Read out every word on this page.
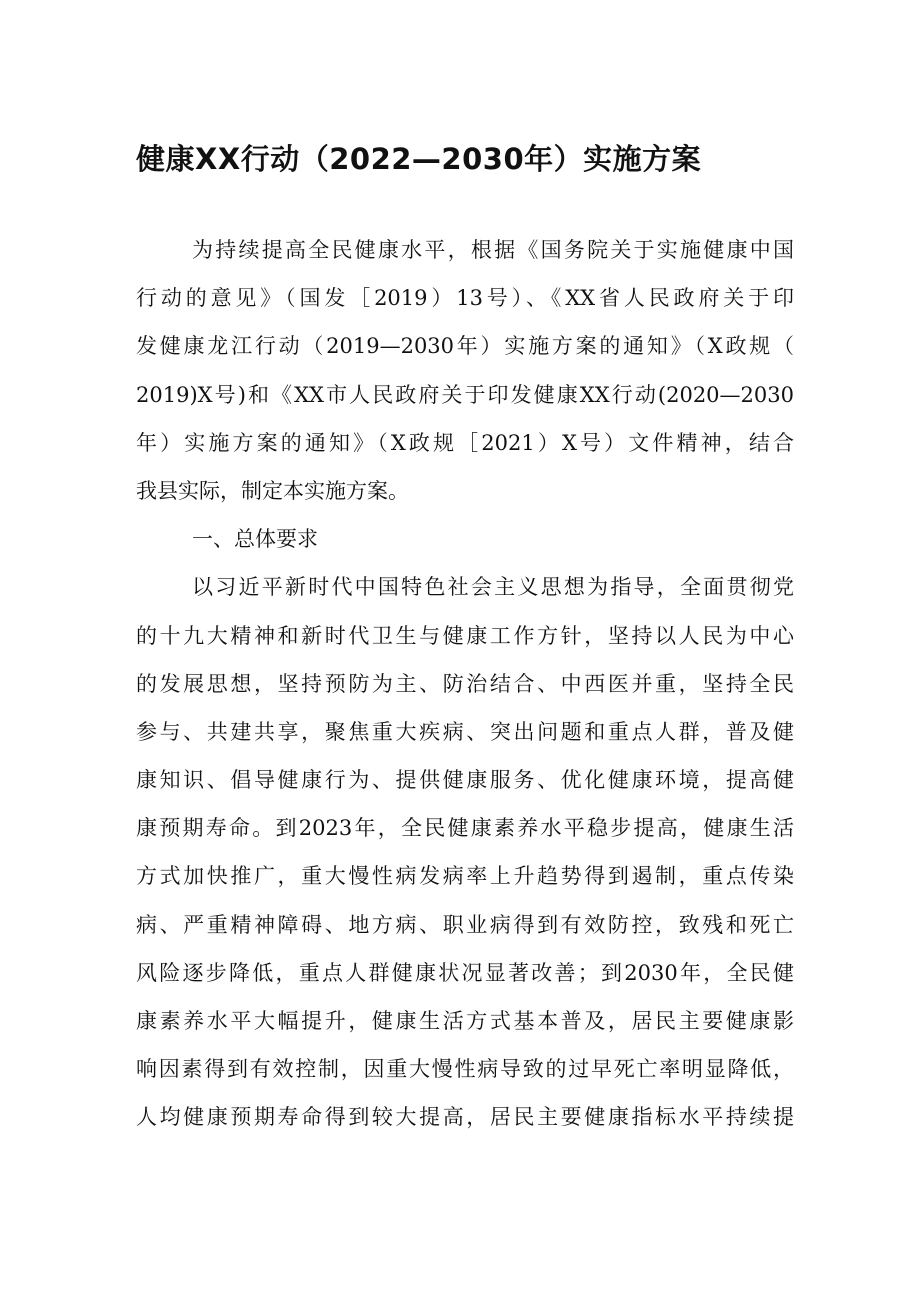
健康XX行动（2022—2030年）实施方案
为持续提高全民健康水平，根据《国务院关于实施健康中国
行动的意见》（国发［2019）13号）、《XX省人民政府关于印
发健康龙江行动（2019—2030年）实施方案的通知》（X政规（
2019)X号)和《XX市人民政府关于印发健康XX行动(2020—2030
年）实施方案的通知》（X政规［2021）X号）文件精神，结合
我县实际，制定本实施方案。
一、总体要求
以习近平新时代中国特色社会主义思想为指导，全面贯彻党
的十九大精神和新时代卫生与健康工作方针，坚持以人民为中心
的发展思想，坚持预防为主、防治结合、中西医并重，坚持全民
参与、共建共享，聚焦重大疾病、突出问题和重点人群，普及健
康知识、倡导健康行为、提供健康服务、优化健康环境，提高健
康预期寿命。到2023年，全民健康素养水平稳步提高，健康生活
方式加快推广，重大慢性病发病率上升趋势得到遏制，重点传染
病、严重精神障碍、地方病、职业病得到有效防控，致残和死亡
风险逐步降低，重点人群健康状况显著改善；到2030年，全民健
康素养水平大幅提升，健康生活方式基本普及，居民主要健康影
响因素得到有效控制，因重大慢性病导致的过早死亡率明显降低，
人均健康预期寿命得到较大提高，居民主要健康指标水平持续提
